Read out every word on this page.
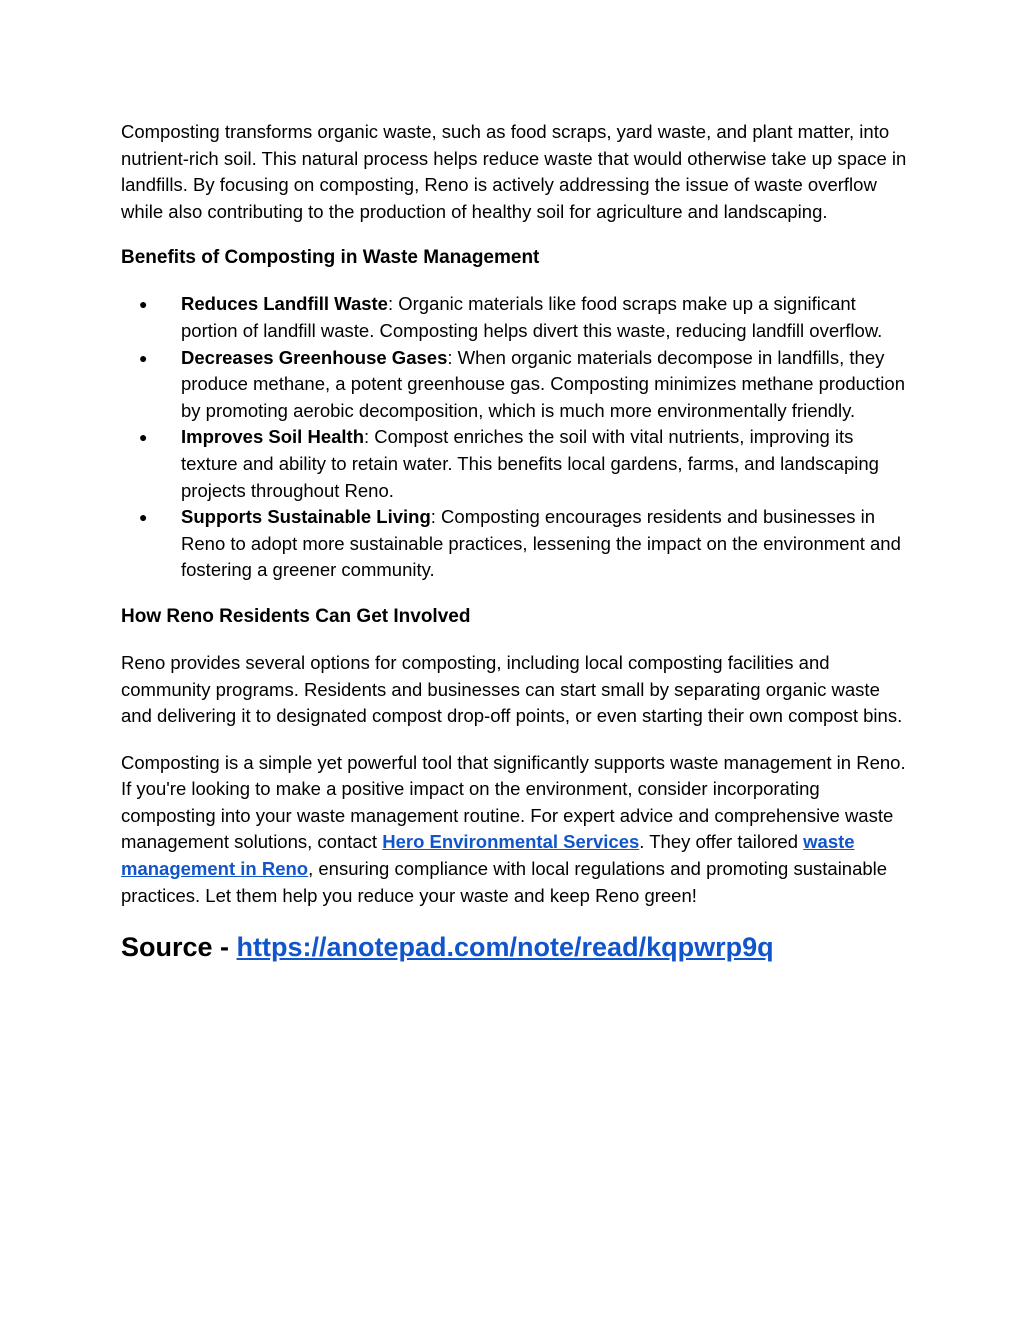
Composting transforms organic waste, such as food scraps, yard waste, and plant matter, into nutrient-rich soil. This natural process helps reduce waste that would otherwise take up space in landfills. By focusing on composting, Reno is actively addressing the issue of waste overflow while also contributing to the production of healthy soil for agriculture and landscaping.

Benefits of Composting in Waste Management
● Reduces Landfill Waste: Organic materials like food scraps make up a significant portion of landfill waste. Composting helps divert this waste, reducing landfill overflow.
● Decreases Greenhouse Gases: When organic materials decompose in landfills, they produce methane, a potent greenhouse gas. Composting minimizes methane production by promoting aerobic decomposition, which is much more environmentally friendly.
● Improves Soil Health: Compost enriches the soil with vital nutrients, improving its texture and ability to retain water. This benefits local gardens, farms, and landscaping projects throughout Reno.
● Supports Sustainable Living: Composting encourages residents and businesses in Reno to adopt more sustainable practices, lessening the impact on the environment and fostering a greener community.
How Reno Residents Can Get Involved

Reno provides several options for composting, including local composting facilities and community programs. Residents and businesses can start small by separating organic waste and delivering it to designated compost drop-off points, or even starting their own compost bins.

Composting is a simple yet powerful tool that significantly supports waste management in Reno. If you're looking to make a positive impact on the environment, consider incorporating composting into your waste management routine. For expert advice and comprehensive waste management solutions, contact Hero Environmental Services. They offer tailored waste management in Reno, ensuring compliance with local regulations and promoting sustainable practices. Let them help you reduce your waste and keep Reno green!

Source - https://anotepad.com/note/read/kqpwrp9q
